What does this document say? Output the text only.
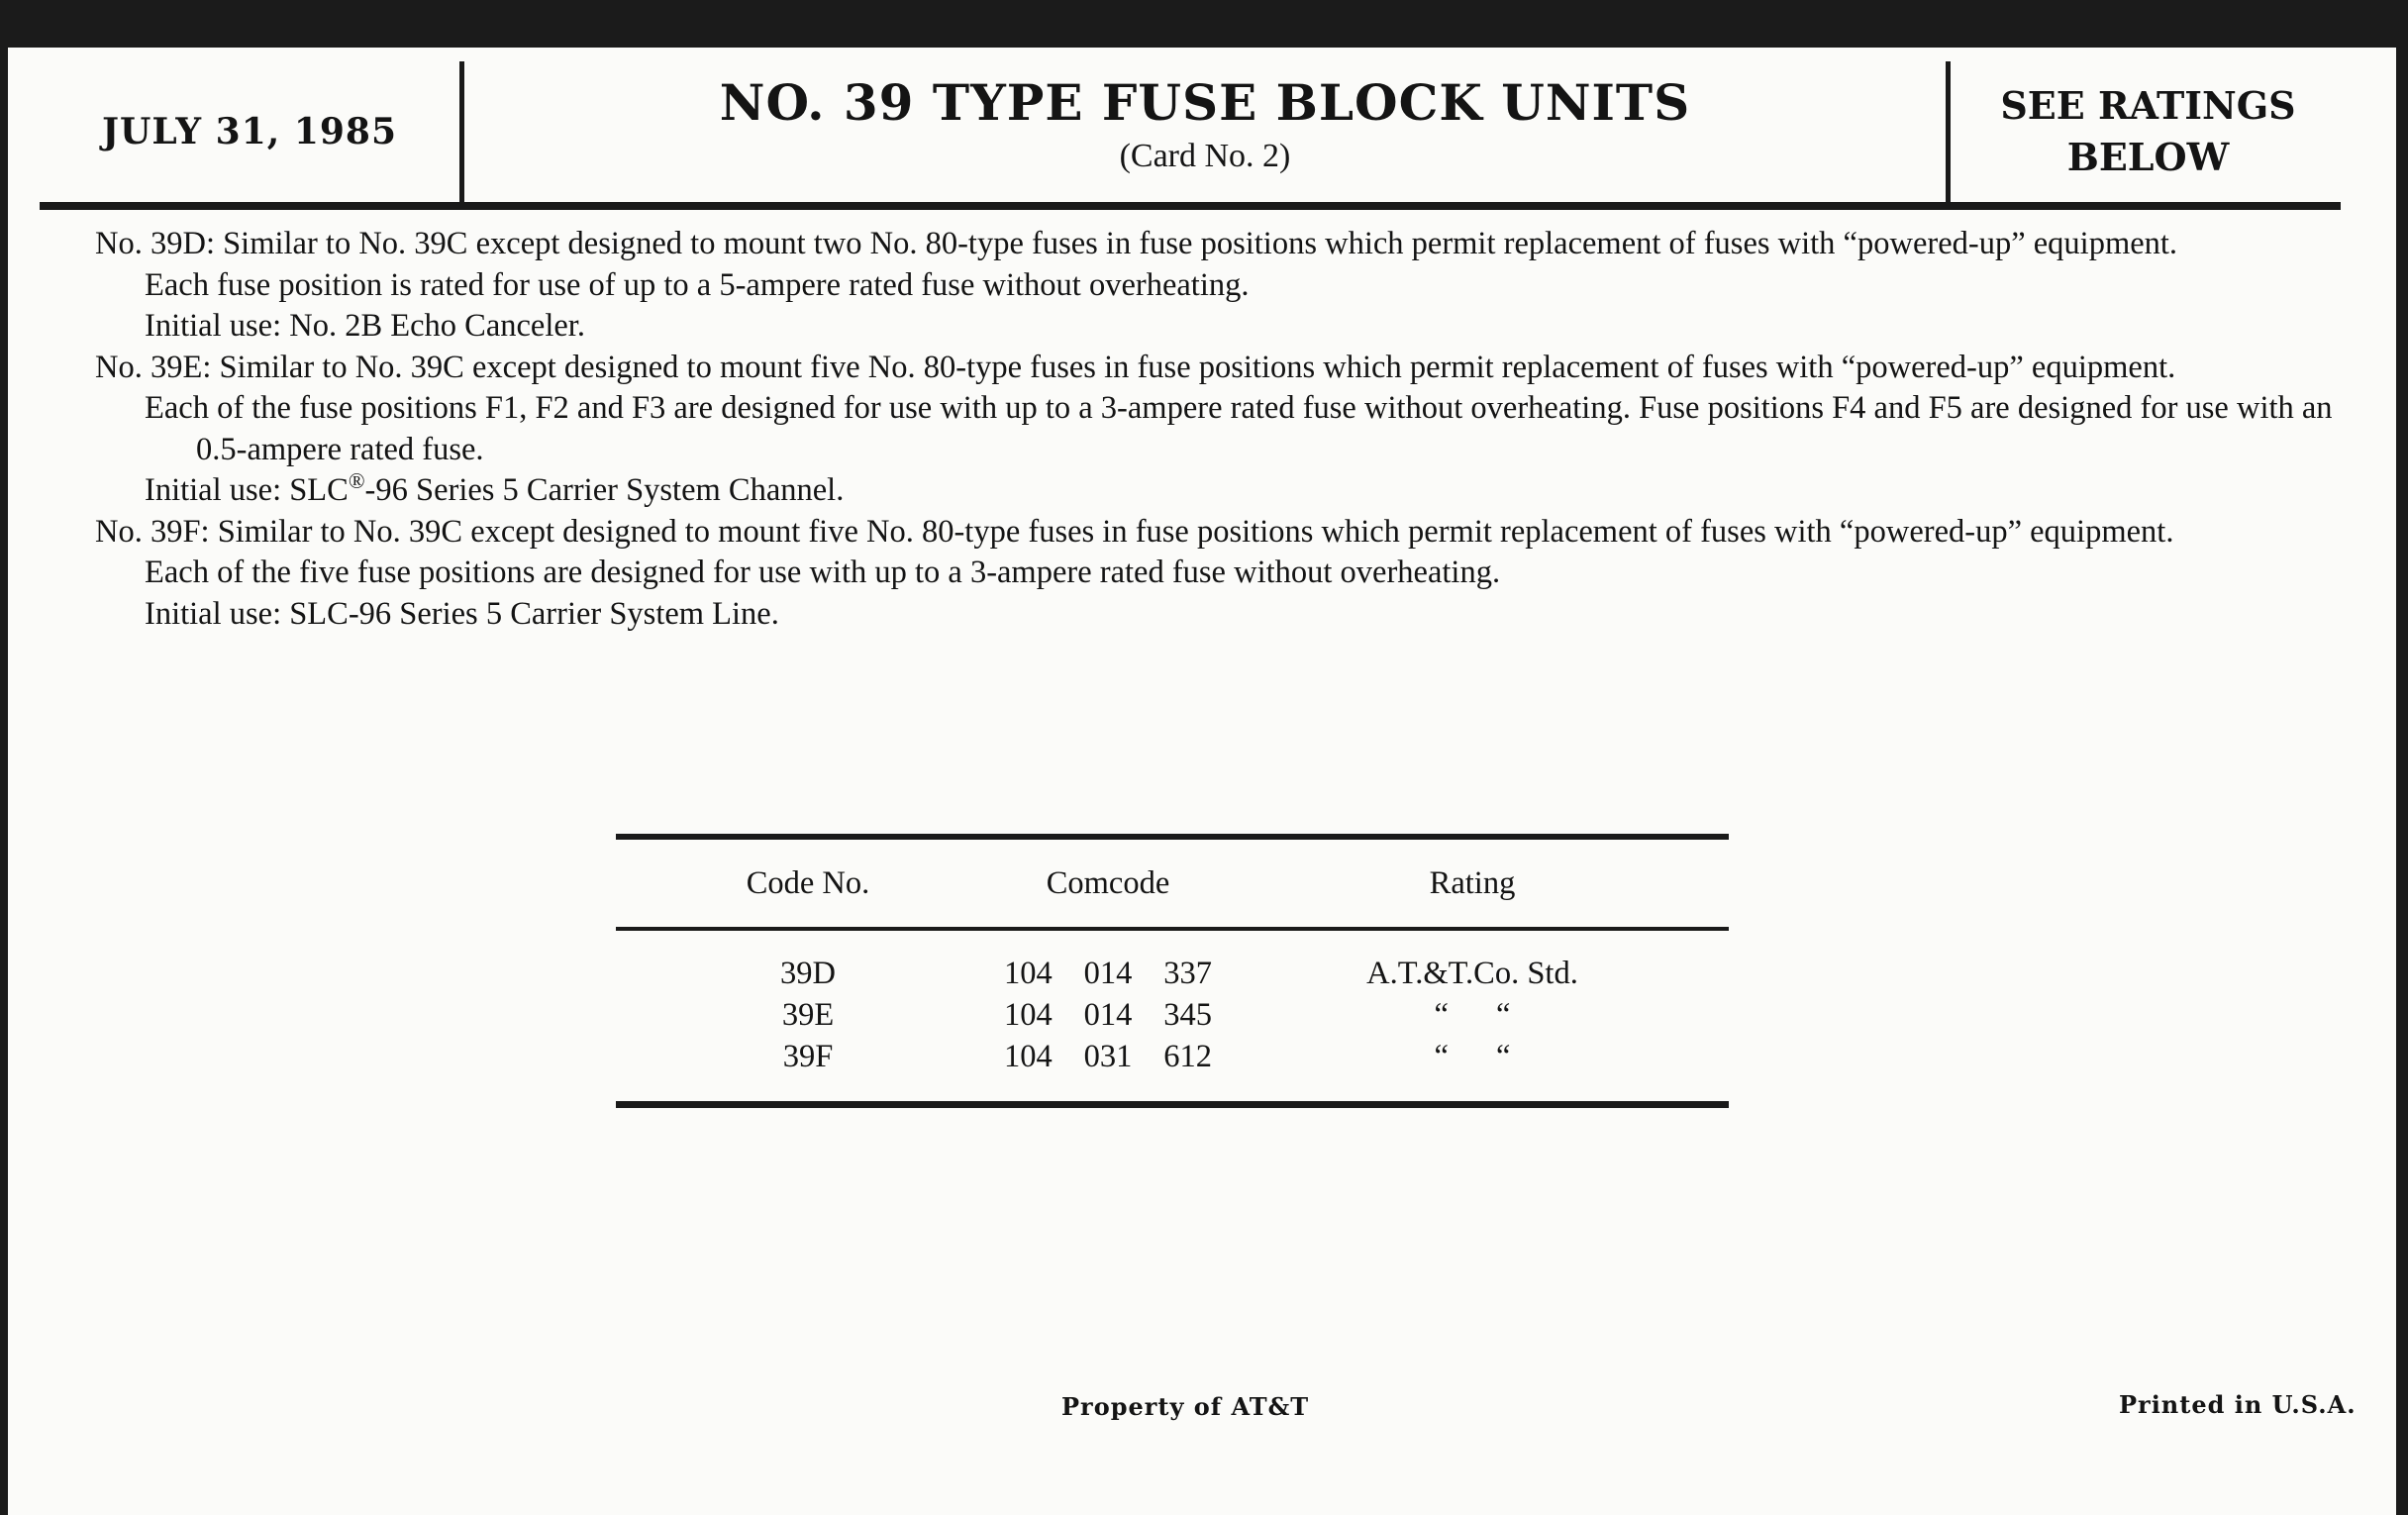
JULY 31, 1985	NO. 39 TYPE FUSE BLOCK UNITS
(Card No. 2)
SEE RATINGS
BELOW

No. 39D: Similar to No. 39C except designed to mount two No. 80-type fuses in fuse positions which permit replacement of fuses with “powered-up” equipment.

Each fuse position is rated for use of up to a 5-ampere rated fuse without overheating.

Initial use: No. 2B Echo Canceler.

No. 39E: Similar to No. 39C except designed to mount five No. 80-type fuses in fuse positions which permit replacement of fuses with “powered-up” equipment.

Each of the fuse positions F1, F2 and F3 are designed for use with up to a 3-ampere rated fuse without overheating. Fuse positions F4 and F5 are designed for use with an 0.5-ampere rated fuse.

Initial use: SLC®-96 Series 5 Carrier System Channel.

No. 39F: Similar to No. 39C except designed to mount five No. 80-type fuses in fuse positions which permit replacement of fuses with “powered-up” equipment.

Each of the five fuse positions are designed for use with up to a 3-ampere rated fuse without overheating.

Initial use: SLC-96 Series 5 Carrier System Line.

Code No.	Comcode	Rating
39D	104 014 337	A.T.&T.Co. Std.
39E	104 014 345	“ “
39F	104 031 612	“ “
Property of AT&T	Printed in U.S.A.
